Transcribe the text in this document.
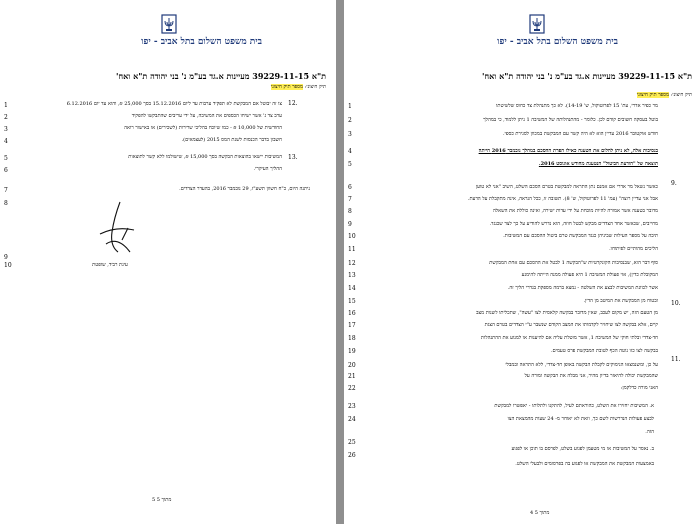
בית משפט השלום בתל אביב - יפו
ת"א 39229-11-15 מעיינות א.גד בע"מ נ' בני יהודה ת"א ואח'
תיק חיצוני: מספר תיק חיצוני
1
2
3
4
5
6
7
8
9
10
12.
צו זה יבוטל אם המבקשת לא תפקיד ערבות עד ליום 15.12.2016 בסך 25,000 ₪, והוא עד יום 6.12.2016
ערב צד ג' אשר ישיחו הכספים את המשיבה, על ידי עריבים שהתבקשו להפקיד
החודשית של 10,000 ₪ - כמו שיוכח בהליכי שרירות (לשכירים) או באישור רואה
חשבון בדבר הכנסות לשנת המס 2015 (לעצמאים).
13.
המשיבות יישאו בהוצאות הבקשה בסך 15,000 ₪, שישולמו ללא קשר לתוצאות
ההליך העיקרי.
ניתנה היום, כ"ח חשוון תשע"ז, 29 נובמבר 2016, בהעדר הצדדים.
עינת רביד, שופטת
5 מתוך 5
בית משפט השלום בתל אביב - יפו
ת"א 39229-11-15 מעיינות א.גד בע"מ נ' בני יהודה ת"א ואח'
תיק חיצוני: מספר תיק חיצוני
9.
10.
11.
4 מתוך 5
מר כפיר אדרי, עת' 15 לפרוטוקול, ש' 14-19). לא כך מתנהלת צד כחוס שלשיטתו
בוטל בעסקה חשובים קודם לכן. כלומר - מהתנהלותה של המשיבה 1 ניתן ללמוד, כי במהלך
חודש אוקטובר 2016 עדיין הוא לא היה קשר עם המבקשת במכוון לסגירת כספי.
בנסיבות אלה, לא ניתן להלום את הטענה כאילו הפרת ההסכם במהלך נובמבר 2016 הייתה
תוצאה של "הודעת הביטול" הנטענת מחודש אוגוסט 2016.
כאשר נשאל מר אדרי אם אמנם נתן התראה למבקשת בטרם הסכם השלט, השיב "אני לא טוען
אבל אני עדיין רוצה" (עמ' 11 לפרוטוקול, ש' 8). תשובה זו, ככל הנראה, אינה מתקבלת על הדעת.
מדובר בטענה אשר אמורה להיות מוכחת על ידי עדות ישירה, ואינה כוללת את השאלה
מחייבים, שכאשר אחד הצדדים מבקש לבטל חוזה, הוא נדרש להודיע על כך לצד שכנגד.
תיבה על מספר העילות שביניהן כנגד המבקשת טרם ביטול ההסכם עם המשיבות.
הליכים מהותיים לפיתוחו.
סוף דבר הוא, שבנסיבות הקונקרטיות ש"הבקשה 1 לבטל את ההסכם עם אחת המבקשת
המקובלת כדין), אזי פעולת המשיבה 1 היא פעולה ממנה הייתה להימנע
אשר לכוונת המשיבות לבצע את השלטה - נמצא ברמה מספקת בגדרי הליך זה.
ובטוח מן המבקשת את המיטב מן הדין.
מן הטעם הזה, יש מקום לעכב, שאין מדובר בבקשה קלאסית לצו "עשה", שתכליתו לשנות מצב
קיים, אלא בבקשה לצו שיחזיר לקדמותו את המצב הקודם שנשבר ע"י הצדדים בטרם הצגת
חד-צדדי ובלתי חוקי של המשיבה 1, אשר מוטלת עליה אם להיענות או למנוע את ההתנהלות
בבקשה לצו כזו נוטה הכף לטובת המבקשת פרס טעמים.
על כן, ומשנמצאו הנימוקים לקבלת הבקשה באופן חד-צדדי, ללא התראה ובמבלי
שהמבקשת יכולה להיאזר בדיון מהיר, אני מבלה את הבקשה ומורה על
האני מורה כדלקמן:
א. המשיבות יחזירו את השלט, כהוראתם לעיל, להתקנו ולתלותו - יאפשרו למבקשת
לבצע פעולות הנדרשות לשם כך, וזאת לא יאוחר מ- 24 שעות מהמצאת הצו
הזה.
ב. נאסר על המשיבות או מי מטעמן לפגוע בשלט, לפרסם בו תוכן או לפגוע
באמצעות המבקשת את המבקשת או לפגוע בה בפרסומים ולבעלי השלט.
1
2
3
4
5
6
7
8
9
10
11
12
13
14
15
16
17
18
19
20
21
22
23
24
25
26
